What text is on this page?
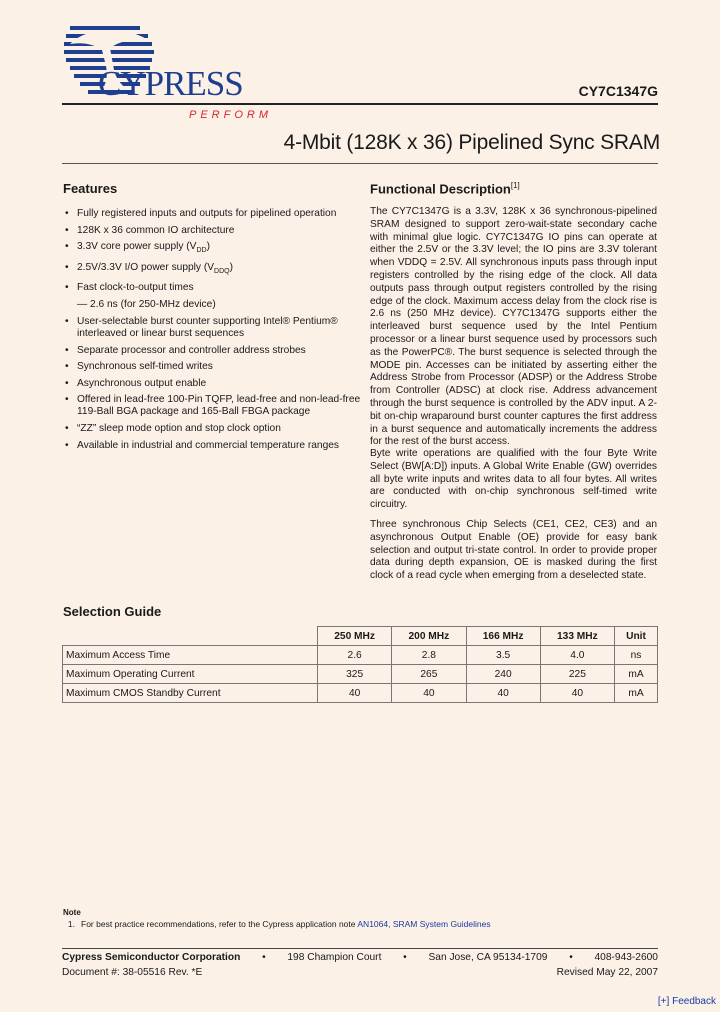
CYPRESS
PERFORM
CY7C1347G
4-Mbit (128K x 36) Pipelined Sync SRAM
Features
• Fully registered inputs and outputs for pipelined operation
• 128K x 36 common IO architecture
• 3.3V core power supply $(V_{DD})$
• 2.5V/3.3V I/O power supply $(V_{DDQ})$
• Fast clock-to-output times
— 2.6 ns (for 250-MHz device)
• User-selectable burst counter supporting Intel® Pentium® interleaved or linear burst sequences
• Separate processor and controller address strobes
• Synchronous self-timed writes
• Asynchronous output enable
• Offered in lead-free 100-Pin TQFP, lead-free and non-lead-free 119-Ball BGA package and 165-Ball FBGA package
• “ZZ” sleep mode option and stop clock option
• Available in industrial and commercial temperature ranges
Functional Description[1]
The CY7C1347G is a 3.3V, 128K x 36 synchronous-pipelined SRAM designed to support zero-wait-state secondary cache with minimal glue logic. CY7C1347G IO pins can operate at either the 2.5V or the 3.3V level; the IO pins are 3.3V tolerant when VDDQ = 2.5V. All synchronous inputs pass through input registers controlled by the rising edge of the clock. All data outputs pass through output registers controlled by the rising edge of the clock. Maximum access delay from the clock rise is 2.6 ns (250 MHz device). CY7C1347G supports either the interleaved burst sequence used by the Intel Pentium processor or a linear burst sequence used by processors such as the PowerPC®. The burst sequence is selected through the MODE pin. Accesses can be initiated by asserting either the Address Strobe from Processor (ADSP) or the Address Strobe from Controller (ADSC) at clock rise. Address advancement through the burst sequence is controlled by the ADV input. A 2-bit on-chip wraparound burst counter captures the first address in a burst sequence and automatically increments the address for the rest of the burst access.
Byte write operations are qualified with the four Byte Write Select (BW[A:D]) inputs. A Global Write Enable (GW) overrides all byte write inputs and writes data to all four bytes. All writes are conducted with on-chip synchronous self-timed write circuitry.
Three synchronous Chip Selects (CE1, CE2, CE3) and an asynchronous Output Enable (OE) provide for easy bank selection and output tri-state control. In order to provide proper data during depth expansion, OE is masked during the first clock of a read cycle when emerging from a deselected state.
Selection Guide
	250 MHz	200 MHz	166 MHz	133 MHz	Unit
Maximum Access Time	2.6	2.8	3.5	4.0	ns
Maximum Operating Current	325	265	240	225	mA
Maximum CMOS Standby Current	40	40	40	40	mA
Note
1. For best practice recommendations, refer to the Cypress application note AN1064, SRAM System Guidelines
Cypress Semiconductor Corporation • 198 Champion Court • San Jose, CA 95134-1709 • 408-943-2600
Document #: 38-05516 Rev. *E	Revised May 22, 2007
[+] Feedback
